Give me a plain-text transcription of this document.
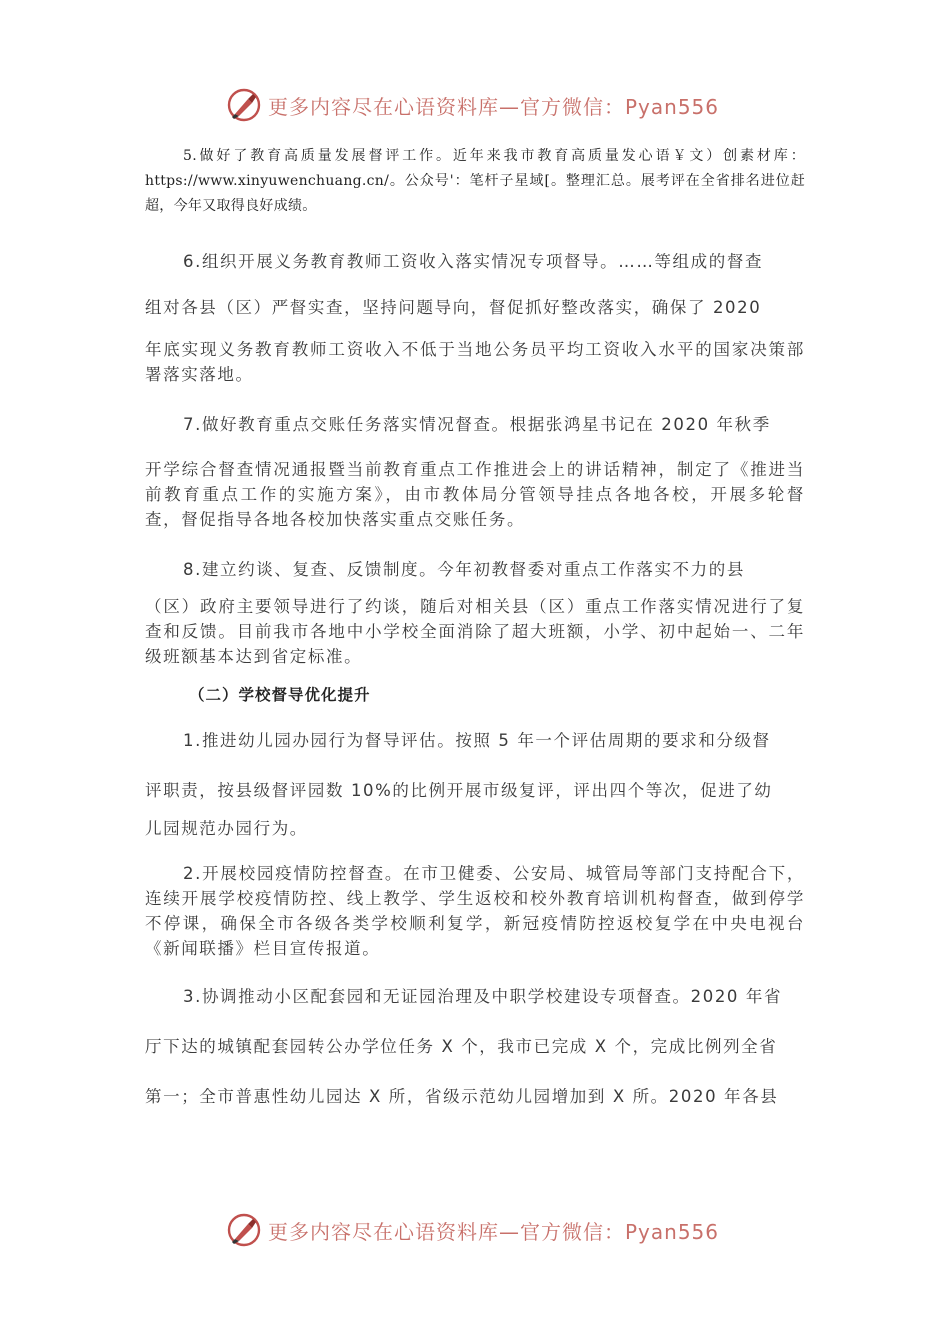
更多内容尽在心语资料库—官方微信：Pyan556

5.做好了教育高质量发展督评工作。近年来我市教育高质量发心语￥文）创素材库：https://www.xinyuwenchuang.cn/。公众号'：笔杆子星域[。整理汇总。展考评在全省排名进位赶超，今年又取得良好成绩。

6.组织开展义务教育教师工资收入落实情况专项督导。……等组成的督查

组对各县（区）严督实查，坚持问题导向，督促抓好整改落实，确保了 2020

年底实现义务教育教师工资收入不低于当地公务员平均工资收入水平的国家决策部署落实落地。

7.做好教育重点交账任务落实情况督查。根据张鸿星书记在 2020 年秋季

开学综合督查情况通报暨当前教育重点工作推进会上的讲话精神，制定了《推进当前教育重点工作的实施方案》，由市教体局分管领导挂点各地各校，开展多轮督查，督促指导各地各校加快落实重点交账任务。

8.建立约谈、复查、反馈制度。今年初教督委对重点工作落实不力的县

（区）政府主要领导进行了约谈，随后对相关县（区）重点工作落实情况进行了复查和反馈。目前我市各地中小学校全面消除了超大班额，小学、初中起始一、二年级班额基本达到省定标准。

（二）学校督导优化提升

1.推进幼儿园办园行为督导评估。按照 5 年一个评估周期的要求和分级督

评职责，按县级督评园数 10%的比例开展市级复评，评出四个等次，促进了幼

儿园规范办园行为。

2.开展校园疫情防控督查。在市卫健委、公安局、城管局等部门支持配合下，连续开展学校疫情防控、线上教学、学生返校和校外教育培训机构督查，做到停学不停课，确保全市各级各类学校顺利复学，新冠疫情防控返校复学在中央电视台《新闻联播》栏目宣传报道。

3.协调推动小区配套园和无证园治理及中职学校建设专项督查。2020 年省

厅下达的城镇配套园转公办学位任务 X 个，我市已完成 X 个，完成比例列全省

第一；全市普惠性幼儿园达 X 所，省级示范幼儿园增加到 X 所。2020 年各县

更多内容尽在心语资料库—官方微信：Pyan556
